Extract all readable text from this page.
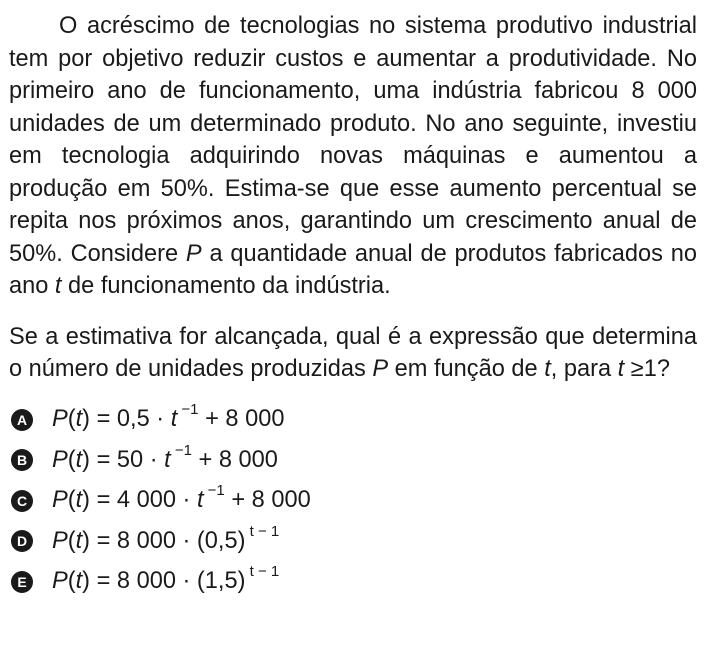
O acréscimo de tecnologias no sistema produtivo industrial tem por objetivo reduzir custos e aumentar a produtividade. No primeiro ano de funcionamento, uma indústria fabricou 8 000 unidades de um determinado produto. No ano seguinte, investiu em tecnologia adquirindo novas máquinas e aumentou a produção em 50%. Estima-se que esse aumento percentual se repita nos próximos anos, garantindo um crescimento anual de 50%. Considere P a quantidade anual de produtos fabricados no ano t de funcionamento da indústria.

Se a estimativa for alcançada, qual é a expressão que determina o número de unidades produzidas P em função de t, para t ≥1?

A P(t) = 0,5 · t $^{-1}$ + 8 000
B P(t) = 50 · t $^{-1}$ + 8 000
C P(t) = 4 000 · t $^{-1}$ + 8 000
D P(t) = 8 000 · (0,5) $^{t - 1}$
E P(t) = 8 000 · (1,5) $^{t - 1}$
